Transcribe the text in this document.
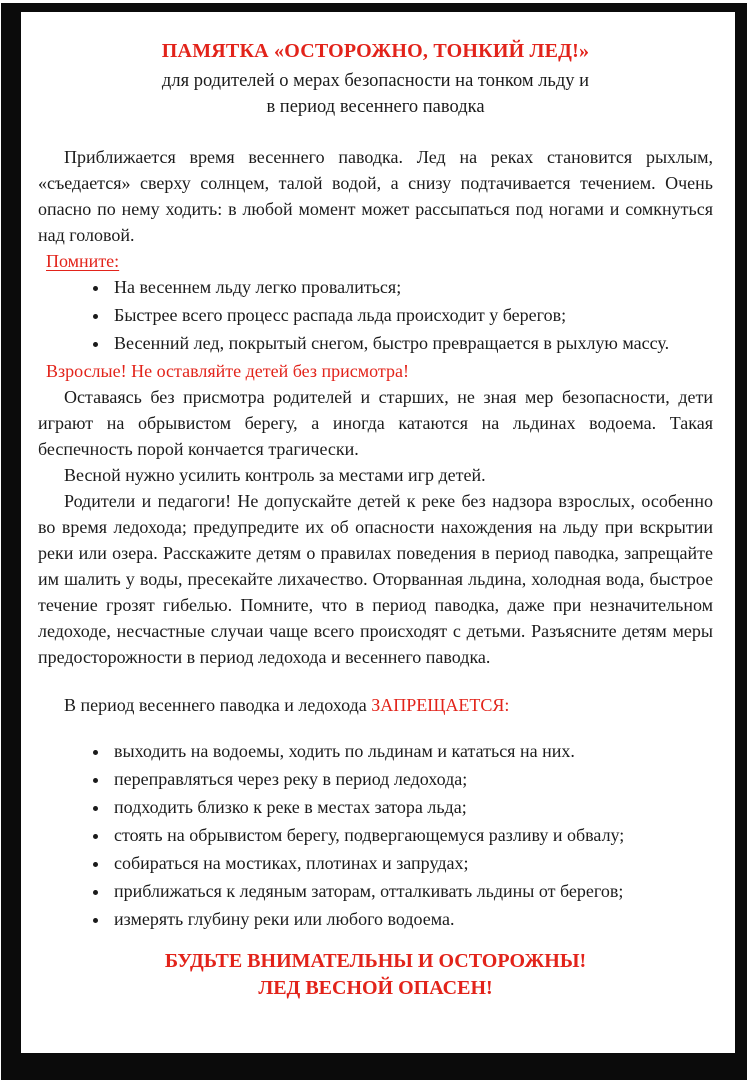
ПАМЯТКА «ОСТОРОЖНО, ТОНКИЙ ЛЕД!»
для родителей о мерах безопасности на тонком льду и
в период весеннего паводка

Приближается время весеннего паводка. Лед на реках становится рыхлым, «съедается» сверху солнцем, талой водой, а снизу подтачивается течением. Очень опасно по нему ходить: в любой момент может рассыпаться под ногами и сомкнуться над головой.

Помните:

• На весеннем льду легко провалиться;
• Быстрее всего процесс распада льда происходит у берегов;
• Весенний лед, покрытый снегом, быстро превращается в рыхлую массу.

Взрослые! Не оставляйте детей без присмотра!

Оставаясь без присмотра родителей и старших, не зная мер безопасности, дети играют на обрывистом берегу, а иногда катаются на льдинах водоема. Такая беспечность порой кончается трагически.

Весной нужно усилить контроль за местами игр детей.

Родители и педагоги! Не допускайте детей к реке без надзора взрослых, особенно во время ледохода; предупредите их об опасности нахождения на льду при вскрытии реки или озера. Расскажите детям о правилах поведения в период паводка, запрещайте им шалить у воды, пресекайте лихачество. Оторванная льдина, холодная вода, быстрое течение грозят гибелью. Помните, что в период паводка, даже при незначительном ледоходе, несчастные случаи чаще всего происходят с детьми. Разъясните детям меры предосторожности в период ледохода и весеннего паводка.

В период весеннего паводка и ледохода ЗАПРЕЩАЕТСЯ:

• выходить на водоемы, ходить по льдинам и кататься на них.
• переправляться через реку в период ледохода;
• подходить близко к реке в местах затора льда;
• стоять на обрывистом берегу, подвергающемуся разливу и обвалу;
• собираться на мостиках, плотинах и запрудах;
• приближаться к ледяным заторам, отталкивать льдины от берегов;
• измерять глубину реки или любого водоема.
БУДЬТЕ ВНИМАТЕЛЬНЫ И ОСТОРОЖНЫ!
ЛЕД ВЕСНОЙ ОПАСЕН!
